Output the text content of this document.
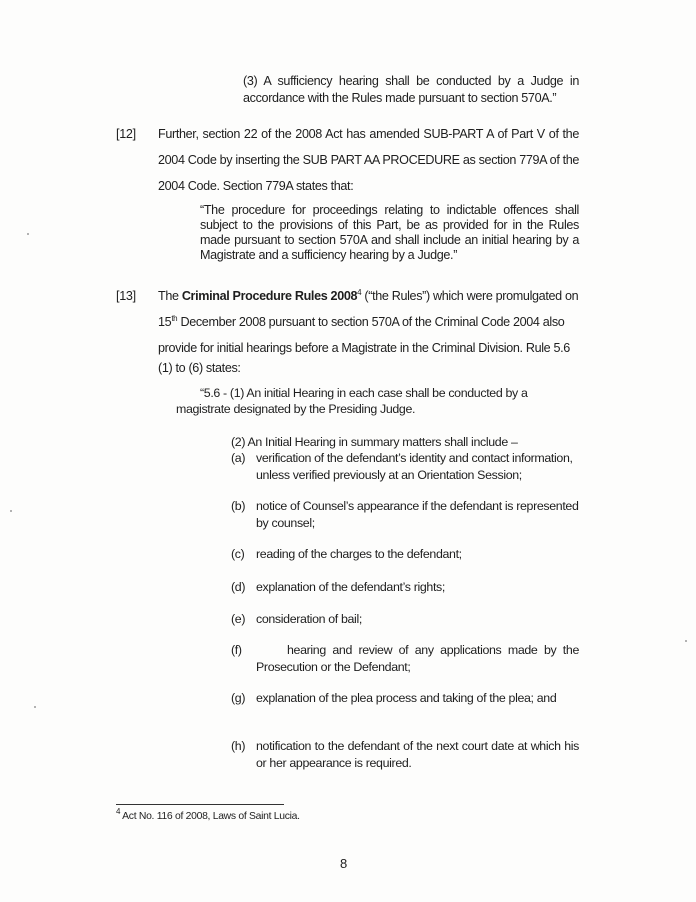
(3) A sufficiency hearing shall be conducted by a Judge in accordance with the Rules made pursuant to section 570A.”
[12] Further, section 22 of the 2008 Act has amended SUB-PART A of Part V of the
2004 Code by inserting the SUB PART AA PROCEDURE as section 779A of the
2004 Code. Section 779A states that:
“The procedure for proceedings relating to indictable offences shall subject to the provisions of this Part, be as provided for in the Rules made pursuant to section 570A and shall include an initial hearing by a Magistrate and a sufficiency hearing by a Judge.”
[13] The Criminal Procedure Rules 2008$^4$ (“the Rules”) which were promulgated on
15th December 2008 pursuant to section 570A of the Criminal Code 2004 also
provide for initial hearings before a Magistrate in the Criminal Division. Rule 5.6
(1) to (6) states:
“5.6 - (1) An initial Hearing in each case shall be conducted by a
magistrate designated by the Presiding Judge.
(2) An Initial Hearing in summary matters shall include –
(a) verification of the defendant’s identity and contact information, unless verified previously at an Orientation Session;
(b) notice of Counsel’s appearance if the defendant is represented by counsel;
(c) reading of the charges to the defendant;
(d) explanation of the defendant’s rights;
(e) consideration of bail;
(f)	hearing and review of any applications made by the Prosecution or the Defendant;
(g) explanation of the plea process and taking of the plea; and
(h) notification to the defendant of the next court date at which his or her appearance is required.
$^4$ Act No. 116 of 2008, Laws of Saint Lucia.
8
